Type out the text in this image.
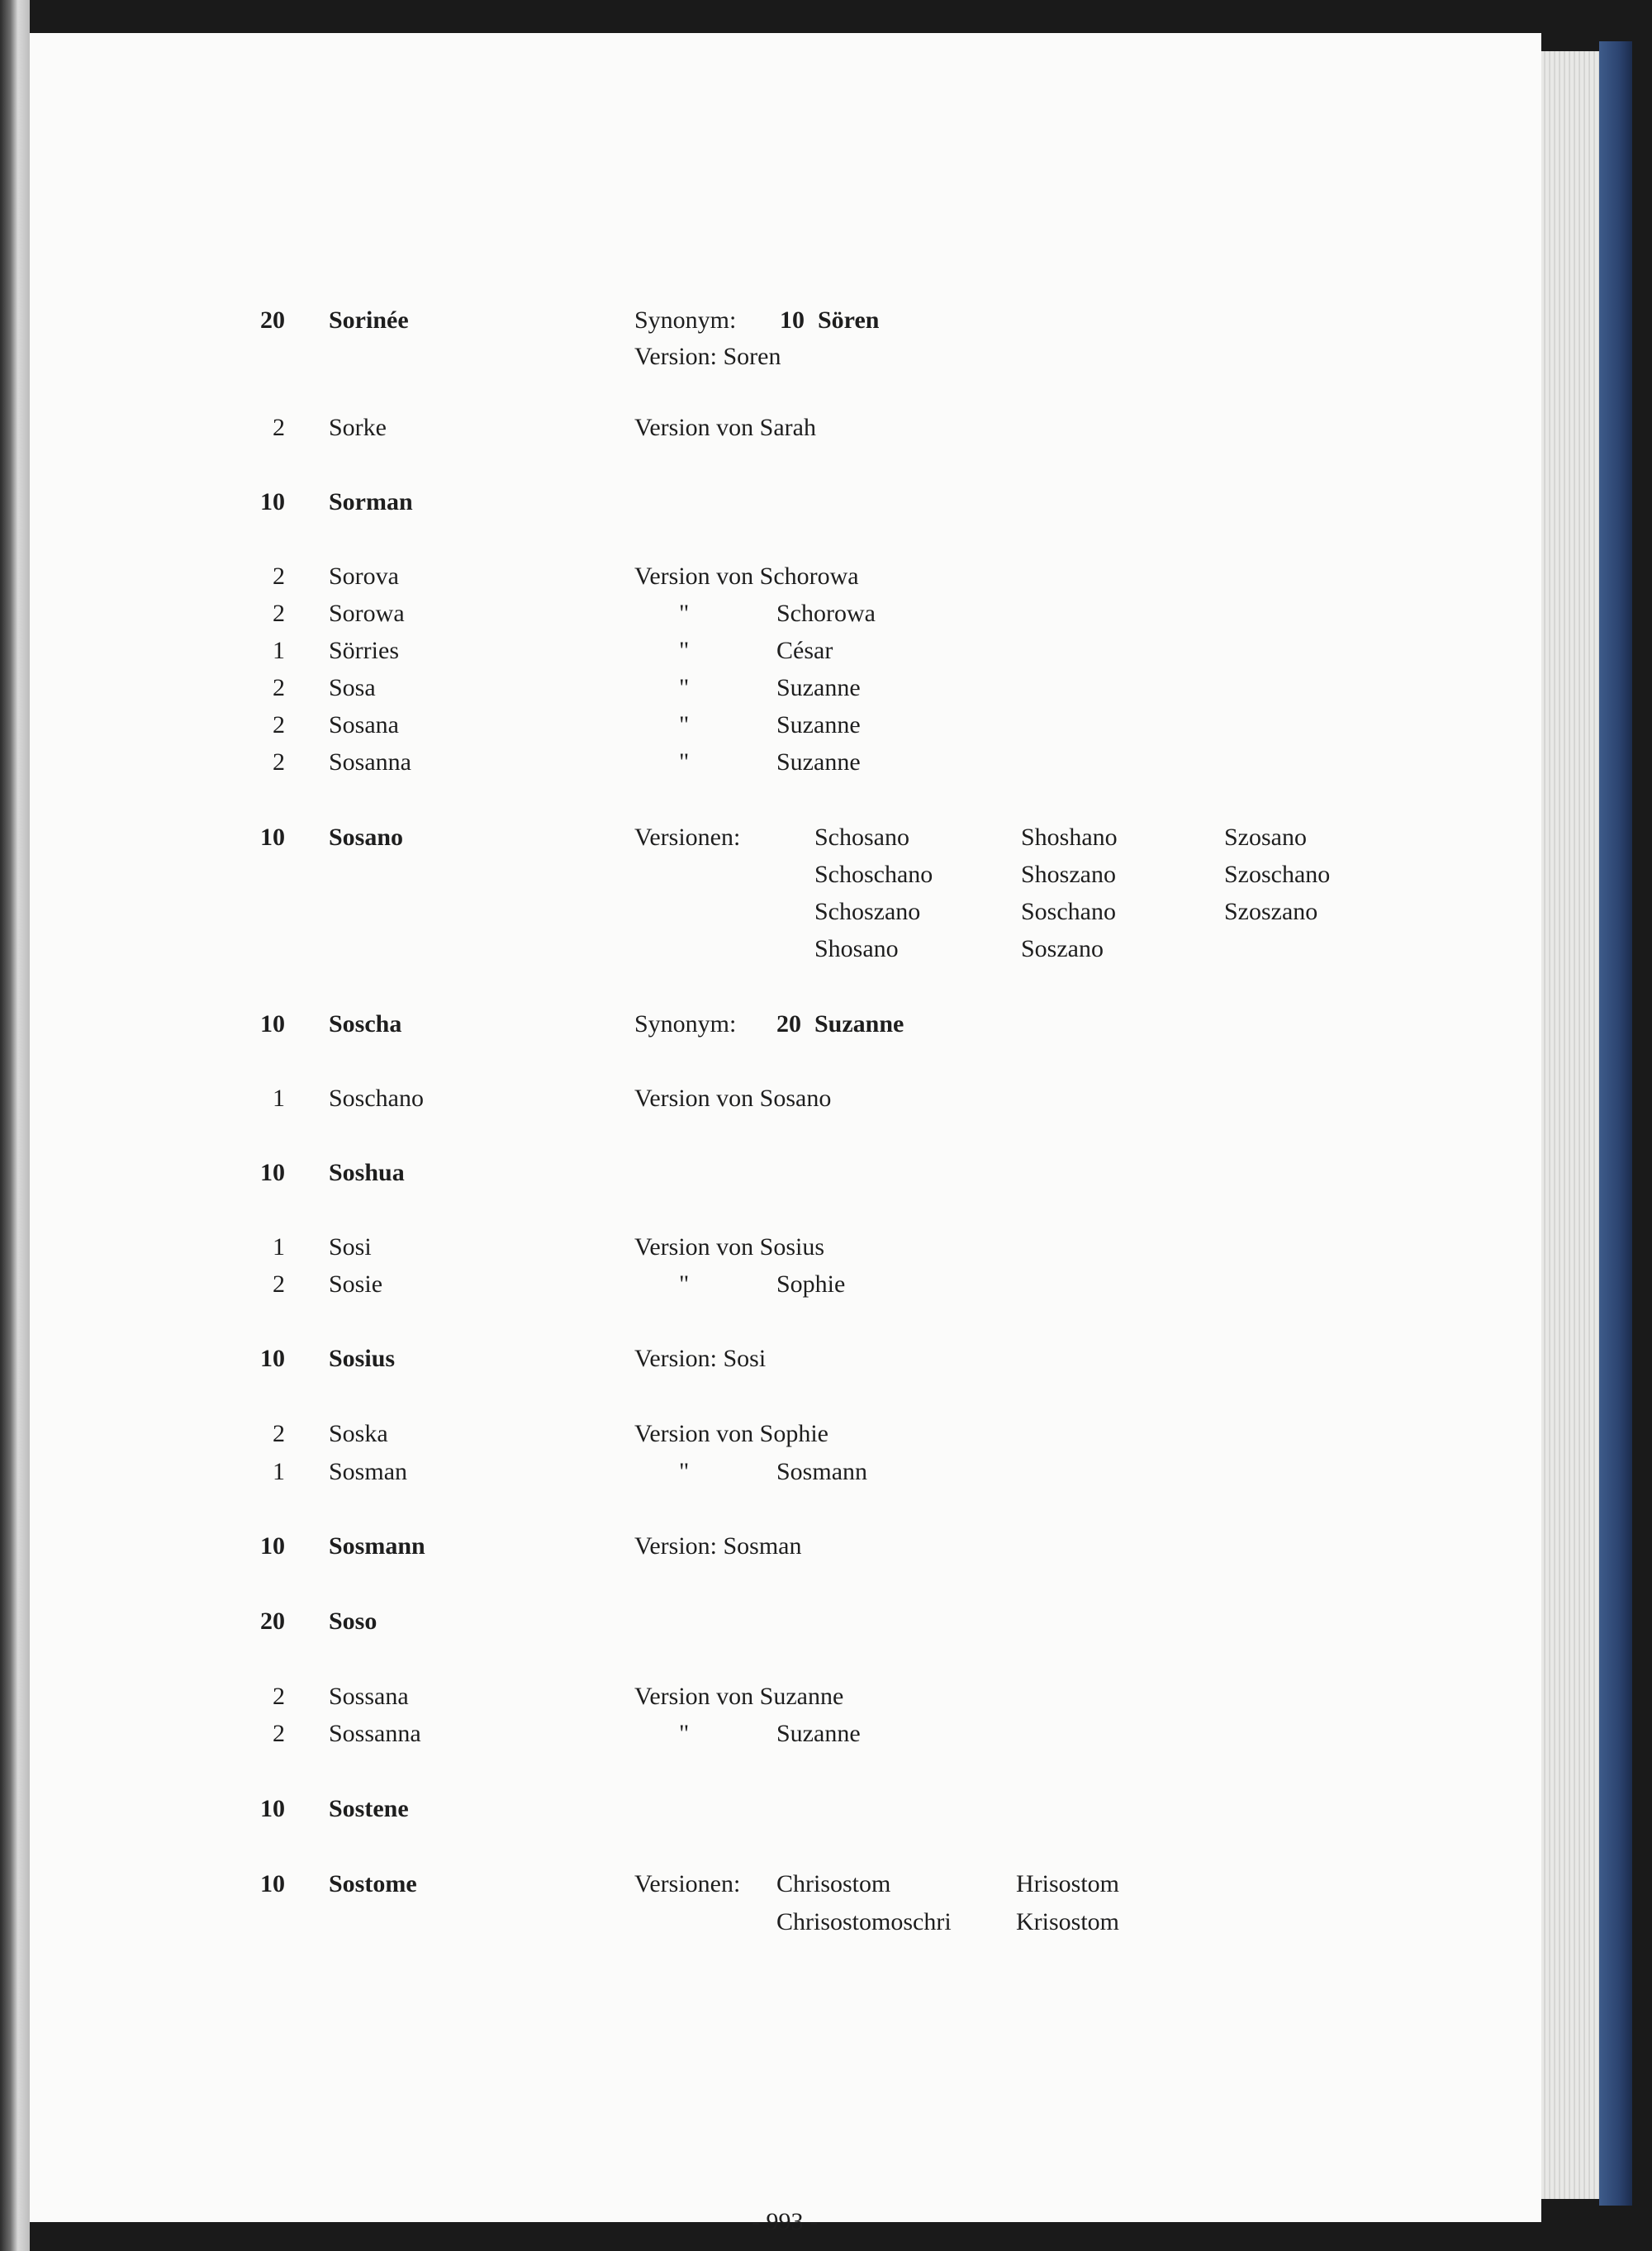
20 Sorinée	Synonym: 10 Sören
Version: Soren
2 Sorke	Version von Sarah
10 Sorman
2 Sorova	Version von Schorowa
2 Sorowa	"	Schorowa
1 Sörries	"	César
2 Sosa	"	Suzanne
2 Sosana	"	Suzanne
2 Sosanna	"	Suzanne
10 Sosano	Versionen:	Schosano	Shoshano	Szosano
Schoschano	Shoszano	Szoschano
Schoszano	Soschano	Szoszano
Shosano	Soszano
10 Soscha	Synonym: 20 Suzanne
1 Soschano	Version von Sosano
10 Soshua
1 Sosi	Version von Sosius
2 Sosie	"	Sophie
10 Sosius	Version: Sosi
2 Soska	Version von Sophie
1 Sosman	"	Sosmann
10 Sosmann	Version: Sosman
20 Soso
2 Sossana	Version von Suzanne
2 Sossanna	"	Suzanne
10 Sostene
10 Sostome	Versionen: Chrisostom	Hrisostom
Chrisostomoschri	Krisostom
- 993 -
